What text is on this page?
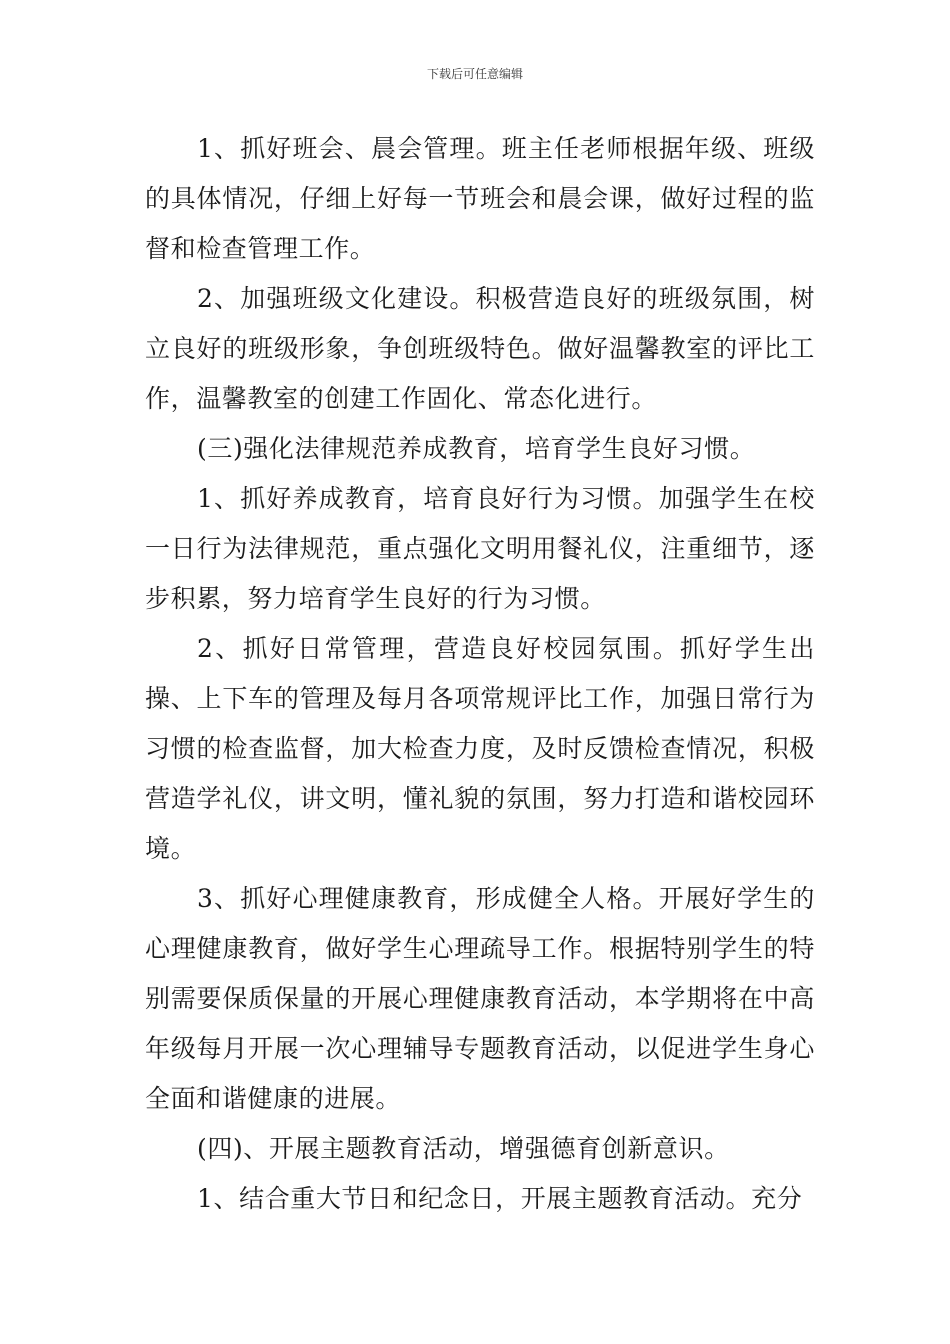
下载后可任意编辑

1、抓好班会、晨会管理。班主任老师根据年级、班级的具体情况，仔细上好每一节班会和晨会课，做好过程的监督和检查管理工作。

2、加强班级文化建设。积极营造良好的班级氛围，树立良好的班级形象，争创班级特色。做好温馨教室的评比工作，温馨教室的创建工作固化、常态化进行。

(三)强化法律规范养成教育，培育学生良好习惯。

1、抓好养成教育，培育良好行为习惯。加强学生在校一日行为法律规范，重点强化文明用餐礼仪，注重细节，逐步积累，努力培育学生良好的行为习惯。

2、抓好日常管理，营造良好校园氛围。抓好学生出操、上下车的管理及每月各项常规评比工作，加强日常行为习惯的检查监督，加大检查力度，及时反馈检查情况，积极营造学礼仪，讲文明，懂礼貌的氛围，努力打造和谐校园环境。

3、抓好心理健康教育，形成健全人格。开展好学生的心理健康教育，做好学生心理疏导工作。根据特别学生的特别需要保质保量的开展心理健康教育活动，本学期将在中高年级每月开展一次心理辅导专题教育活动，以促进学生身心全面和谐健康的进展。

(四)、开展主题教育活动，增强德育创新意识。

1、结合重大节日和纪念日，开展主题教育活动。充分
